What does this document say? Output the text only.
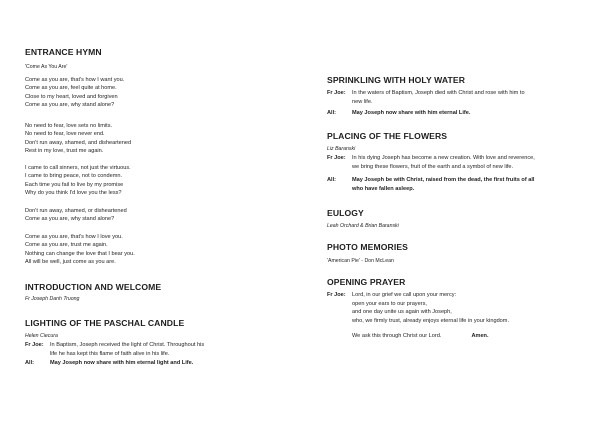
ENTRANCE HYMN
'Come As You Are'
Come as you are, that's how I want you.
Come as you are, feel quite at home.
Close to my heart, loved and forgiven
Come as you are, why stand alone?
No need to fear, love sets no limits.
No need to fear, love never end.
Don't run away, shamed, and disheartened
Rest in my love, trust me again.
I came to call sinners, not just the virtuous.
I came to bring peace, not to condemn.
Each time you fail to live by my promise
Why do you think I'd love you the less?
Don't run away, shamed, or disheartened
Come as you are, why stand alone?
Come as you are, that's how I love you.
Come as you are, trust me again.
Nothing can change the love that I bear you.
All will be well, just come as you are.
INTRODUCTION AND WELCOME
Fr Joseph Danh Truong
LIGHTING OF THE PASCHAL CANDLE
Helen Ciecura
Fr Joe: In Baptism, Joseph received the light of Christ. Throughout his
life he has kept this flame of faith alive in his life.
All:	May Joseph now share with him eternal light and Life.
SPRINKLING WITH HOLY WATER
Fr Joe: In the waters of Baptism, Joseph died with Christ and rose with him to
new life.
All:	May Joseph now share with him eternal Life.
PLACING OF THE FLOWERS
Liz Baranski
Fr Joe: In his dying Joseph has become a new creation. With love and reverence,
we bring these flowers, fruit of the earth and a symbol of new life.
All:	May Joseph be with Christ, raised from the dead, the first fruits of all
who have fallen asleep.
EULOGY
Leah Orchard & Brian Baranski
PHOTO MEMORIES
'American Pie' - Don McLean
OPENING PRAYER
Fr Joe: Lord, in our grief we call upon your mercy:
open your ears to our prayers,
and one day unite us again with Joseph,
who, we firmly trust, already enjoys eternal life in your kingdom.
We ask this through Christ our Lord.	Amen.
